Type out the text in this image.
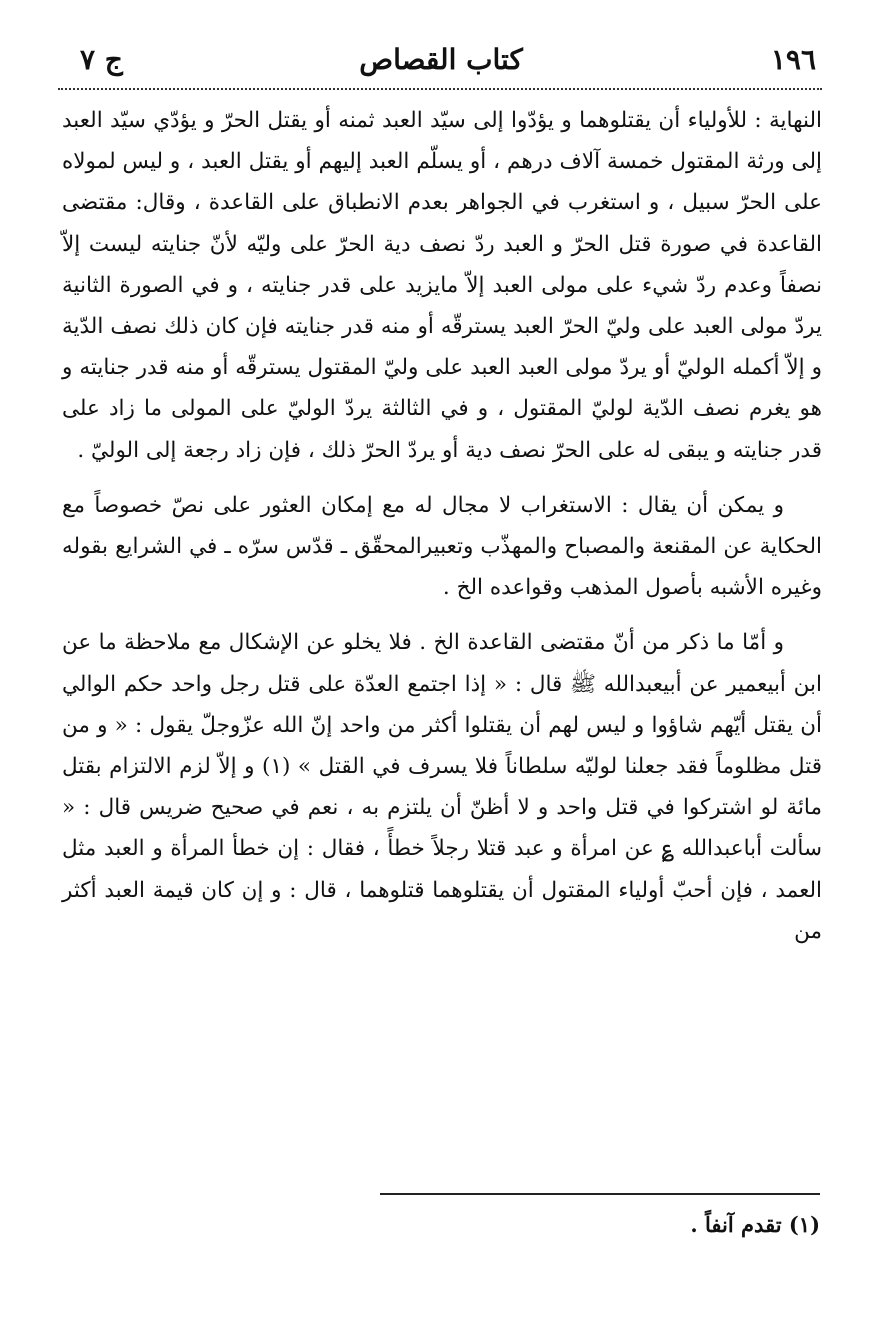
١٩٦
كتاب القصاص
ج ٧

النهاية : للأولياء أن يقتلوهما و يؤدّوا إلى سيّد العبد ثمنه أو يقتل الحرّ و يؤدّي سيّد العبد إلى ورثة المقتول خمسة آلاف درهم ، أو يسلّم العبد إليهم أو يقتل العبد ، و ليس لمولاه على الحرّ سبيل ، و استغرب في الجواهر بعدم الانطباق على القاعدة ، وقال: مقتضى القاعدة في صورة قتل الحرّ و العبد ردّ نصف دية الحرّ على وليّه لأنّ جنايته ليست إلاّ نصفاً وعدم ردّ شيء على مولى العبد إلاّ مايزيد على قدر جنايته ، و في الصورة الثانية يردّ مولى العبد على وليّ الحرّ العبد يسترقّه أو منه قدر جنايته فإن كان ذلك نصف الدّية و إلاّ أكمله الوليّ أو يردّ مولى العبد العبد على وليّ المقتول يسترقّه أو منه قدر جنايته و هو يغرم نصف الدّية لوليّ المقتول ، و في الثالثة يردّ الوليّ على المولى ما زاد على قدر جنايته و يبقى له على الحرّ نصف دية أو يردّ الحرّ ذلك ، فإن زاد رجعة إلى الوليّ .

و يمكن أن يقال : الاستغراب لا مجال له مع إمكان العثور على نصّ خصوصاً مع الحكاية عن المقنعة والمصباح والمهذّب وتعبيرالمحقّق ـ قدّس سرّه ـ في الشرايع بقوله وغيره الأشبه بأصول المذهب وقواعده الخ .

و أمّا ما ذكر من أنّ مقتضى القاعدة الخ . فلا يخلو عن الإشكال مع ملاحظة ما عن ابن أبيعمير عن أبيعبدالله ﷺ قال : « إذا اجتمع العدّة على قتل رجل واحد حكم الوالي أن يقتل أيّهم شاؤوا و ليس لهم أن يقتلوا أكثر من واحد إنّ الله عزّوجلّ يقول : « و من قتل مظلوماً فقد جعلنا لوليّه سلطاناً فلا يسرف في القتل » (١) و إلاّ لزم الالتزام بقتل مائة لو اشتركوا في قتل واحد و لا أظنّ أن يلتزم به ، نعم في صحيح ضريس قال : « سألت أباعبدالله ؏ عن امرأة و عبد قتلا رجلاً خطأً ، فقال : إن خطأ المرأة و العبد مثل العمد ، فإن أحبّ أولياء المقتول أن يقتلوهما قتلوهما ، قال : و إن كان قيمة العبد أكثر من

(١) تقدم آنفاً .
